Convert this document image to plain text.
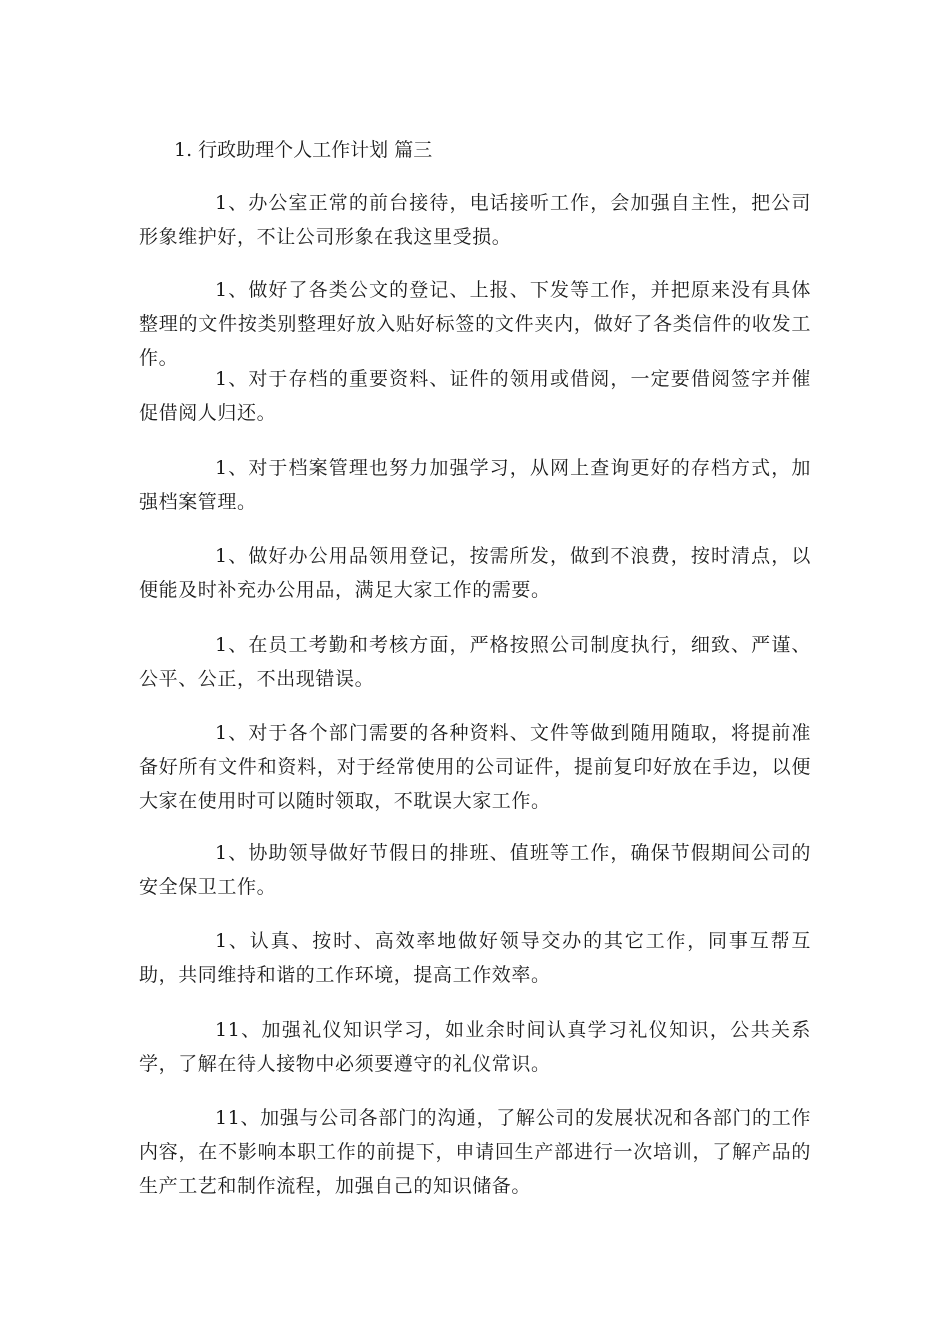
1. 行政助理个人工作计划 篇三

1、办公室正常的前台接待，电话接听工作，会加强自主性，把公司形象维护好，不让公司形象在我这里受损。

1、做好了各类公文的登记、上报、下发等工作，并把原来没有具体整理的文件按类别整理好放入贴好标签的文件夹内，做好了各类信件的收发工作。

1、对于存档的重要资料、证件的领用或借阅，一定要借阅签字并催促借阅人归还。

1、对于档案管理也努力加强学习，从网上查询更好的存档方式，加强档案管理。

1、做好办公用品领用登记，按需所发，做到不浪费，按时清点，以便能及时补充办公用品，满足大家工作的需要。

1、在员工考勤和考核方面，严格按照公司制度执行，细致、严谨、公平、公正，不出现错误。

1、对于各个部门需要的各种资料、文件等做到随用随取，将提前准备好所有文件和资料，对于经常使用的公司证件，提前复印好放在手边，以便大家在使用时可以随时领取，不耽误大家工作。

1、协助领导做好节假日的排班、值班等工作，确保节假期间公司的安全保卫工作。

1、认真、按时、高效率地做好领导交办的其它工作，同事互帮互助，共同维持和谐的工作环境，提高工作效率。

11、加强礼仪知识学习，如业余时间认真学习礼仪知识，公共关系学，了解在待人接物中必须要遵守的礼仪常识。

11、加强与公司各部门的沟通，了解公司的发展状况和各部门的工作内容，在不影响本职工作的前提下，申请回生产部进行一次培训，了解产品的生产工艺和制作流程，加强自己的知识储备。
